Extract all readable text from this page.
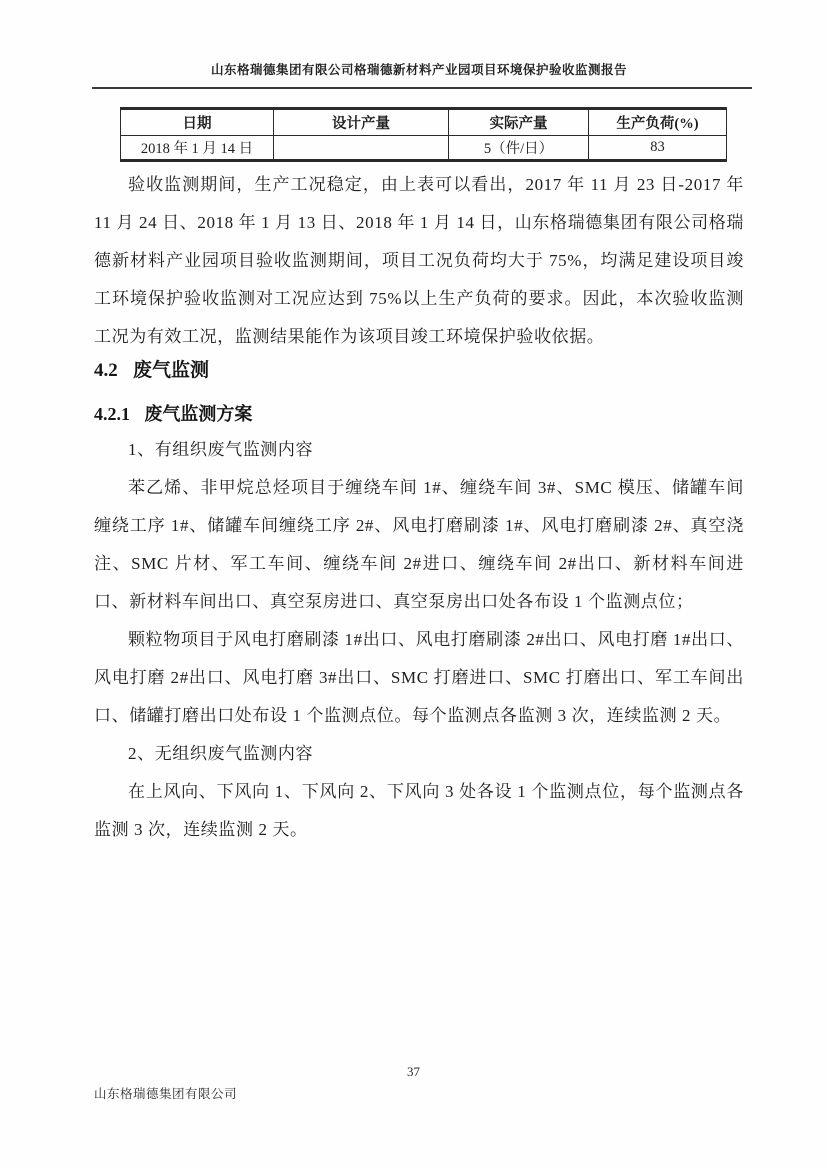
山东格瑞德集团有限公司格瑞德新材料产业园项目环境保护验收监测报告
日期	设计产量	实际产量	生产负荷(%)
2018 年 1 月 14 日		5（件/日）	83

验收监测期间，生产工况稳定，由上表可以看出，2017 年 11 月 23 日-2017 年 11 月 24 日、2018 年 1 月 13 日、2018 年 1 月 14 日，山东格瑞德集团有限公司格瑞德新材料产业园项目验收监测期间，项目工况负荷均大于 75%，均满足建设项目竣工环境保护验收监测对工况应达到 75%以上生产负荷的要求。因此，本次验收监测工况为有效工况，监测结果能作为该项目竣工环境保护验收依据。

4.2 废气监测
4.2.1 废气监测方案

1、有组织废气监测内容

苯乙烯、非甲烷总烃项目于缠绕车间 1#、缠绕车间 3#、SMC 模压、储罐车间缠绕工序 1#、储罐车间缠绕工序 2#、风电打磨刷漆 1#、风电打磨刷漆 2#、真空浇注、SMC 片材、军工车间、缠绕车间 2#进口、缠绕车间 2#出口、新材料车间进口、新材料车间出口、真空泵房进口、真空泵房出口处各布设 1 个监测点位；

颗粒物项目于风电打磨刷漆 1#出口、风电打磨刷漆 2#出口、风电打磨 1#出口、风电打磨 2#出口、风电打磨 3#出口、SMC 打磨进口、SMC 打磨出口、军工车间出口、储罐打磨出口处布设 1 个监测点位。每个监测点各监测 3 次，连续监测 2 天。

2、无组织废气监测内容

在上风向、下风向 1、下风向 2、下风向 3 处各设 1 个监测点位，每个监测点各监测 3 次，连续监测 2 天。

37
山东格瑞德集团有限公司
